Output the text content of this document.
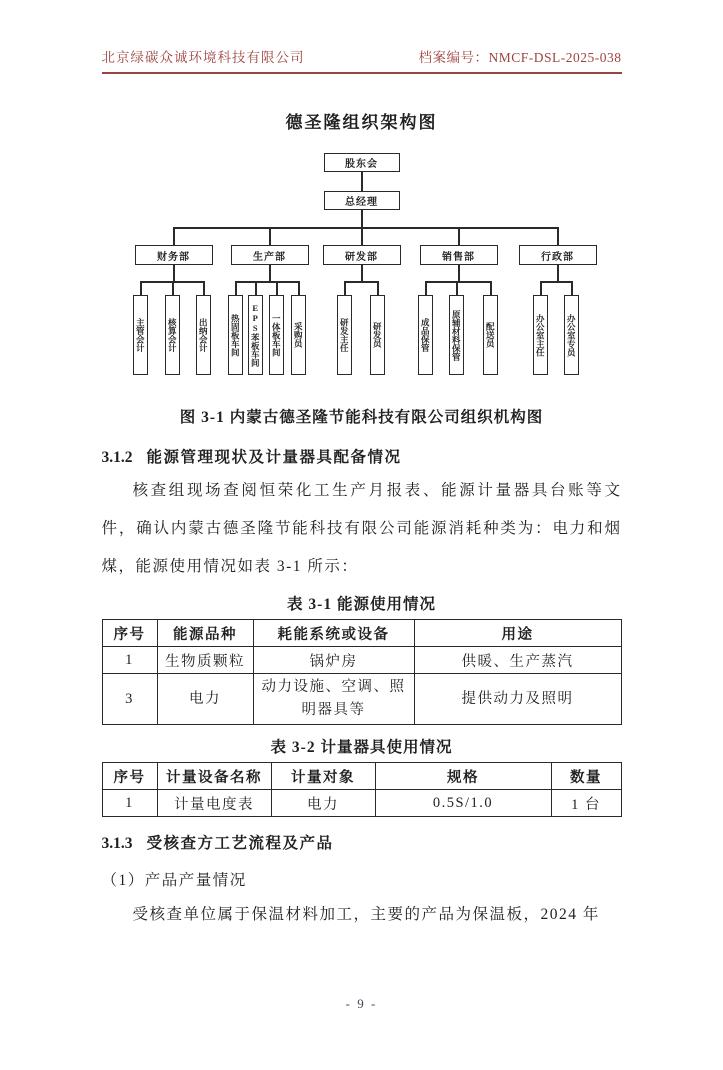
北京绿碳众诚环境科技有限公司	档案编号：NMCF-DSL-2025-038
德圣隆组织架构图
股东会
总经理
财务部	生产部	研发部	销售部	行政部
主管会计	核算会计	出纳会计	热固板车间	EPS苯板车间	一体板车间	采购员	研发主任	研发员	成品保管	原辅材料保管	配送员	办公室主任	办公室专员
图 3-1 内蒙古德圣隆节能科技有限公司组织机构图
3.1.2 能源管理现状及计量器具配备情况
核查组现场查阅恒荣化工生产月报表、能源计量器具台账等文件，确认内蒙古德圣隆节能科技有限公司能源消耗种类为：电力和烟煤，能源使用情况如表 3-1 所示：
表 3-1 能源使用情况
序号	能源品种	耗能系统或设备	用途
1	生物质颗粒	锅炉房	供暖、生产蒸汽
3	电力	动力设施、空调、照明器具等	提供动力及照明
表 3-2 计量器具使用情况
序号	计量设备名称	计量对象	规格	数量
1	计量电度表	电力	0.5S/1.0	1 台
3.1.3 受核查方工艺流程及产品
（1）产品产量情况
受核查单位属于保温材料加工，主要的产品为保温板，2024 年
- 9 -
